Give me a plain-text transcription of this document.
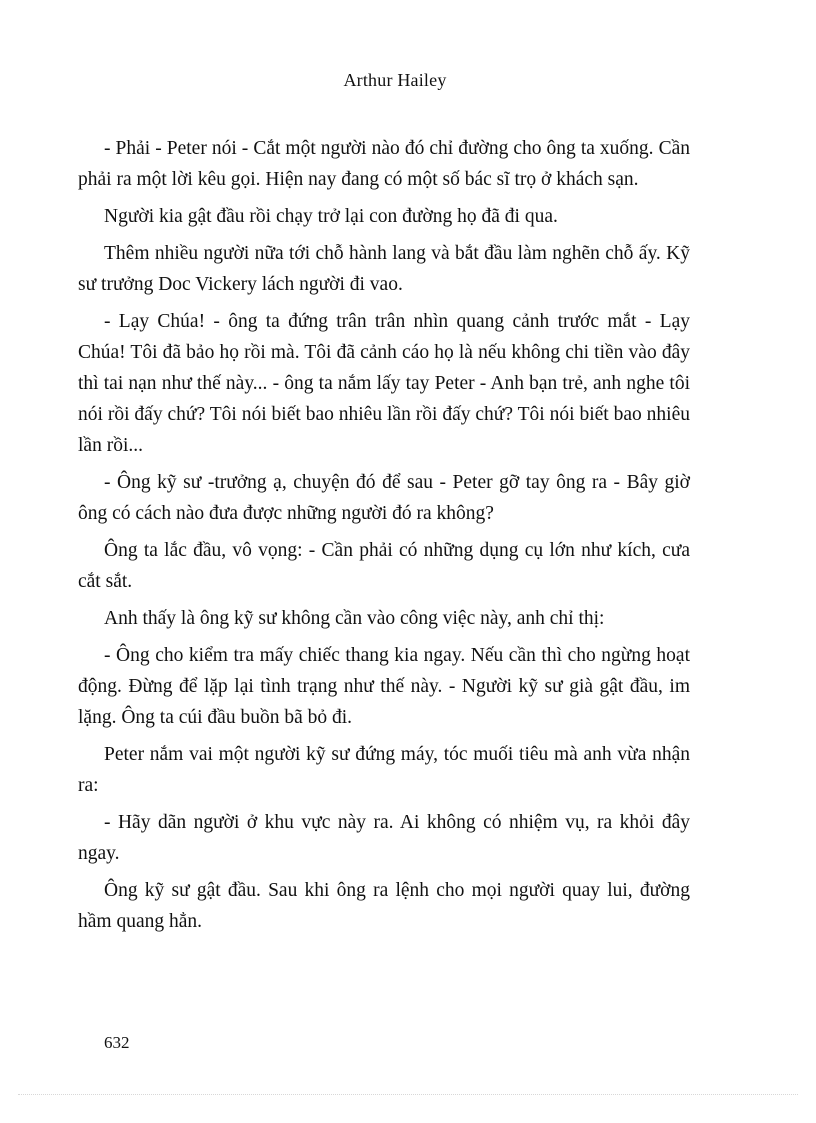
Arthur Hailey

- Phải - Peter nói - Cắt một người nào đó chỉ đường cho ông ta xuống. Cần phải ra một lời kêu gọi. Hiện nay đang có một số bác sĩ trọ ở khách sạn.

Người kia gật đầu rồi chạy trở lại con đường họ đã đi qua.

Thêm nhiều người nữa tới chỗ hành lang và bắt đầu làm nghẽn chỗ ấy. Kỹ sư trưởng Doc Vickery lách người đi vao.

- Lạy Chúa! - ông ta đứng trân trân nhìn quang cảnh trước mắt - Lạy Chúa! Tôi đã bảo họ rồi mà. Tôi đã cảnh cáo họ là nếu không chi tiền vào đây thì tai nạn như thế này... - ông ta nắm lấy tay Peter - Anh bạn trẻ, anh nghe tôi nói rồi đấy chứ? Tôi nói biết bao nhiêu lần rồi đấy chứ? Tôi nói biết bao nhiêu lần rồi...

- Ông kỹ sư -trưởng ạ, chuyện đó để sau - Peter gỡ tay ông ra - Bây giờ ông có cách nào đưa được những người đó ra không?

Ông ta lắc đầu, vô vọng: - Cần phải có những dụng cụ lớn như kích, cưa cắt sắt.

Anh thấy là ông kỹ sư không cần vào công việc này, anh chỉ thị:

- Ông cho kiểm tra mấy chiếc thang kia ngay. Nếu cần thì cho ngừng hoạt động. Đừng để lặp lại tình trạng như thế này. - Người kỹ sư già gật đầu, im lặng. Ông ta cúi đầu buồn bã bỏ đi.

Peter nắm vai một người kỹ sư đứng máy, tóc muối tiêu mà anh vừa nhận ra:

- Hãy dãn người ở khu vực này ra. Ai không có nhiệm vụ, ra khỏi đây ngay.

Ông kỹ sư gật đầu. Sau khi ông ra lệnh cho mọi người quay lui, đường hầm quang hẳn.

632
